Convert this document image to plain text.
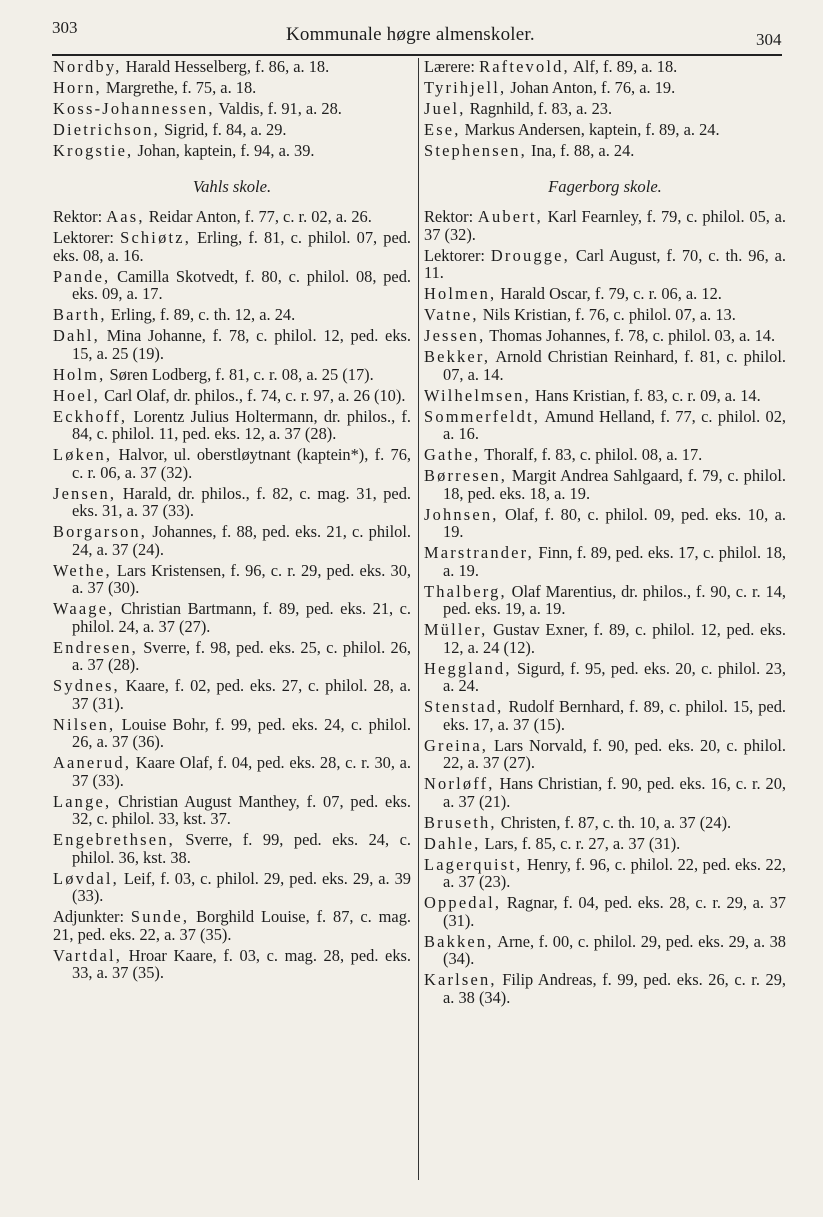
303	Kommunale høgre almenskoler.	304
Nordby, Harald Hesselberg, f. 86, a. 18.
Horn, Margrethe, f. 75, a. 18.
Koss-Johannessen, Valdis, f. 91, a. 28.
Dietrichson, Sigrid, f. 84, a. 29.
Krogstie, Johan, kaptein, f. 94, a. 39.
Vahls skole.
Rektor: Aas, Reidar Anton, f. 77, c. r. 02, a. 26.
Lektorer: Schiøtz, Erling, f. 81, c. philol. 07, ped. eks. 08, a. 16.
Pande, Camilla Skotvedt, f. 80, c. philol. 08, ped. eks. 09, a. 17.
Barth, Erling, f. 89, c. th. 12, a. 24.
Dahl, Mina Johanne, f. 78, c. philol. 12, ped. eks. 15, a. 25 (19).
Holm, Søren Lodberg, f. 81, c. r. 08, a. 25 (17).
Hoel, Carl Olaf, dr. philos., f. 74, c. r. 97, a. 26 (10).
Eckhoff, Lorentz Julius Holtermann, dr. philos., f. 84, c. philol. 11, ped. eks. 12, a. 37 (28).
Løken, Halvor, ul. oberstløytnant (kaptein*), f. 76, c. r. 06, a. 37 (32).
Jensen, Harald, dr. philos., f. 82, c. mag. 31, ped. eks. 31, a. 37 (33).
Borgarson, Johannes, f. 88, ped. eks. 21, c. philol. 24, a. 37 (24).
Wethe, Lars Kristensen, f. 96, c. r. 29, ped. eks. 30, a. 37 (30).
Waage, Christian Bartmann, f. 89, ped. eks. 21, c. philol. 24, a. 37 (27).
Endresen, Sverre, f. 98, ped. eks. 25, c. philol. 26, a. 37 (28).
Sydnes, Kaare, f. 02, ped. eks. 27, c. philol. 28, a. 37 (31).
Nilsen, Louise Bohr, f. 99, ped. eks. 24, c. philol. 26, a. 37 (36).
Aanerud, Kaare Olaf, f. 04, ped. eks. 28, c. r. 30, a. 37 (33).
Lange, Christian August Manthey, f. 07, ped. eks. 32, c. philol. 33, kst. 37.
Engebrethsen, Sverre, f. 99, ped. eks. 24, c. philol. 36, kst. 38.
Løvdal, Leif, f. 03, c. philol. 29, ped. eks. 29, a. 39 (33).
Adjunkter: Sunde, Borghild Louise, f. 87, c. mag. 21, ped. eks. 22, a. 37 (35).
Vartdal, Hroar Kaare, f. 03, c. mag. 28, ped. eks. 33, a. 37 (35).
Lærere: Raftevold, Alf, f. 89, a. 18.
Tyrihjell, Johan Anton, f. 76, a. 19.
Juel, Ragnhild, f. 83, a. 23.
Ese, Markus Andersen, kaptein, f. 89, a. 24.
Stephensen, Ina, f. 88, a. 24.
Fagerborg skole.
Rektor: Aubert, Karl Fearnley, f. 79, c. philol. 05, a. 37 (32).
Lektorer: Drougge, Carl August, f. 70, c. th. 96, a. 11.
Holmen, Harald Oscar, f. 79, c. r. 06, a. 12.
Vatne, Nils Kristian, f. 76, c. philol. 07, a. 13.
Jessen, Thomas Johannes, f. 78, c. philol. 03, a. 14.
Bekker, Arnold Christian Reinhard, f. 81, c. philol. 07, a. 14.
Wilhelmsen, Hans Kristian, f. 83, c. r. 09, a. 14.
Sommerfeldt, Amund Helland, f. 77, c. philol. 02, a. 16.
Gathe, Thoralf, f. 83, c. philol. 08, a. 17.
Børresen, Margit Andrea Sahlgaard, f. 79, c. philol. 18, ped. eks. 18, a. 19.
Johnsen, Olaf, f. 80, c. philol. 09, ped. eks. 10, a. 19.
Marstrander, Finn, f. 89, ped. eks. 17, c. philol. 18, a. 19.
Thalberg, Olaf Marentius, dr. philos., f. 90, c. r. 14, ped. eks. 19, a. 19.
Müller, Gustav Exner, f. 89, c. philol. 12, ped. eks. 12, a. 24 (12).
Heggland, Sigurd, f. 95, ped. eks. 20, c. philol. 23, a. 24.
Stenstad, Rudolf Bernhard, f. 89, c. philol. 15, ped. eks. 17, a. 37 (15).
Greina, Lars Norvald, f. 90, ped. eks. 20, c. philol. 22, a. 37 (27).
Norløff, Hans Christian, f. 90, ped. eks. 16, c. r. 20, a. 37 (21).
Bruseth, Christen, f. 87, c. th. 10, a. 37 (24).
Dahle, Lars, f. 85, c. r. 27, a. 37 (31).
Lagerquist, Henry, f. 96, c. philol. 22, ped. eks. 22, a. 37 (23).
Oppedal, Ragnar, f. 04, ped. eks. 28, c. r. 29, a. 37 (31).
Bakken, Arne, f. 00, c. philol. 29, ped. eks. 29, a. 38 (34).
Karlsen, Filip Andreas, f. 99, ped. eks. 26, c. r. 29, a. 38 (34).
